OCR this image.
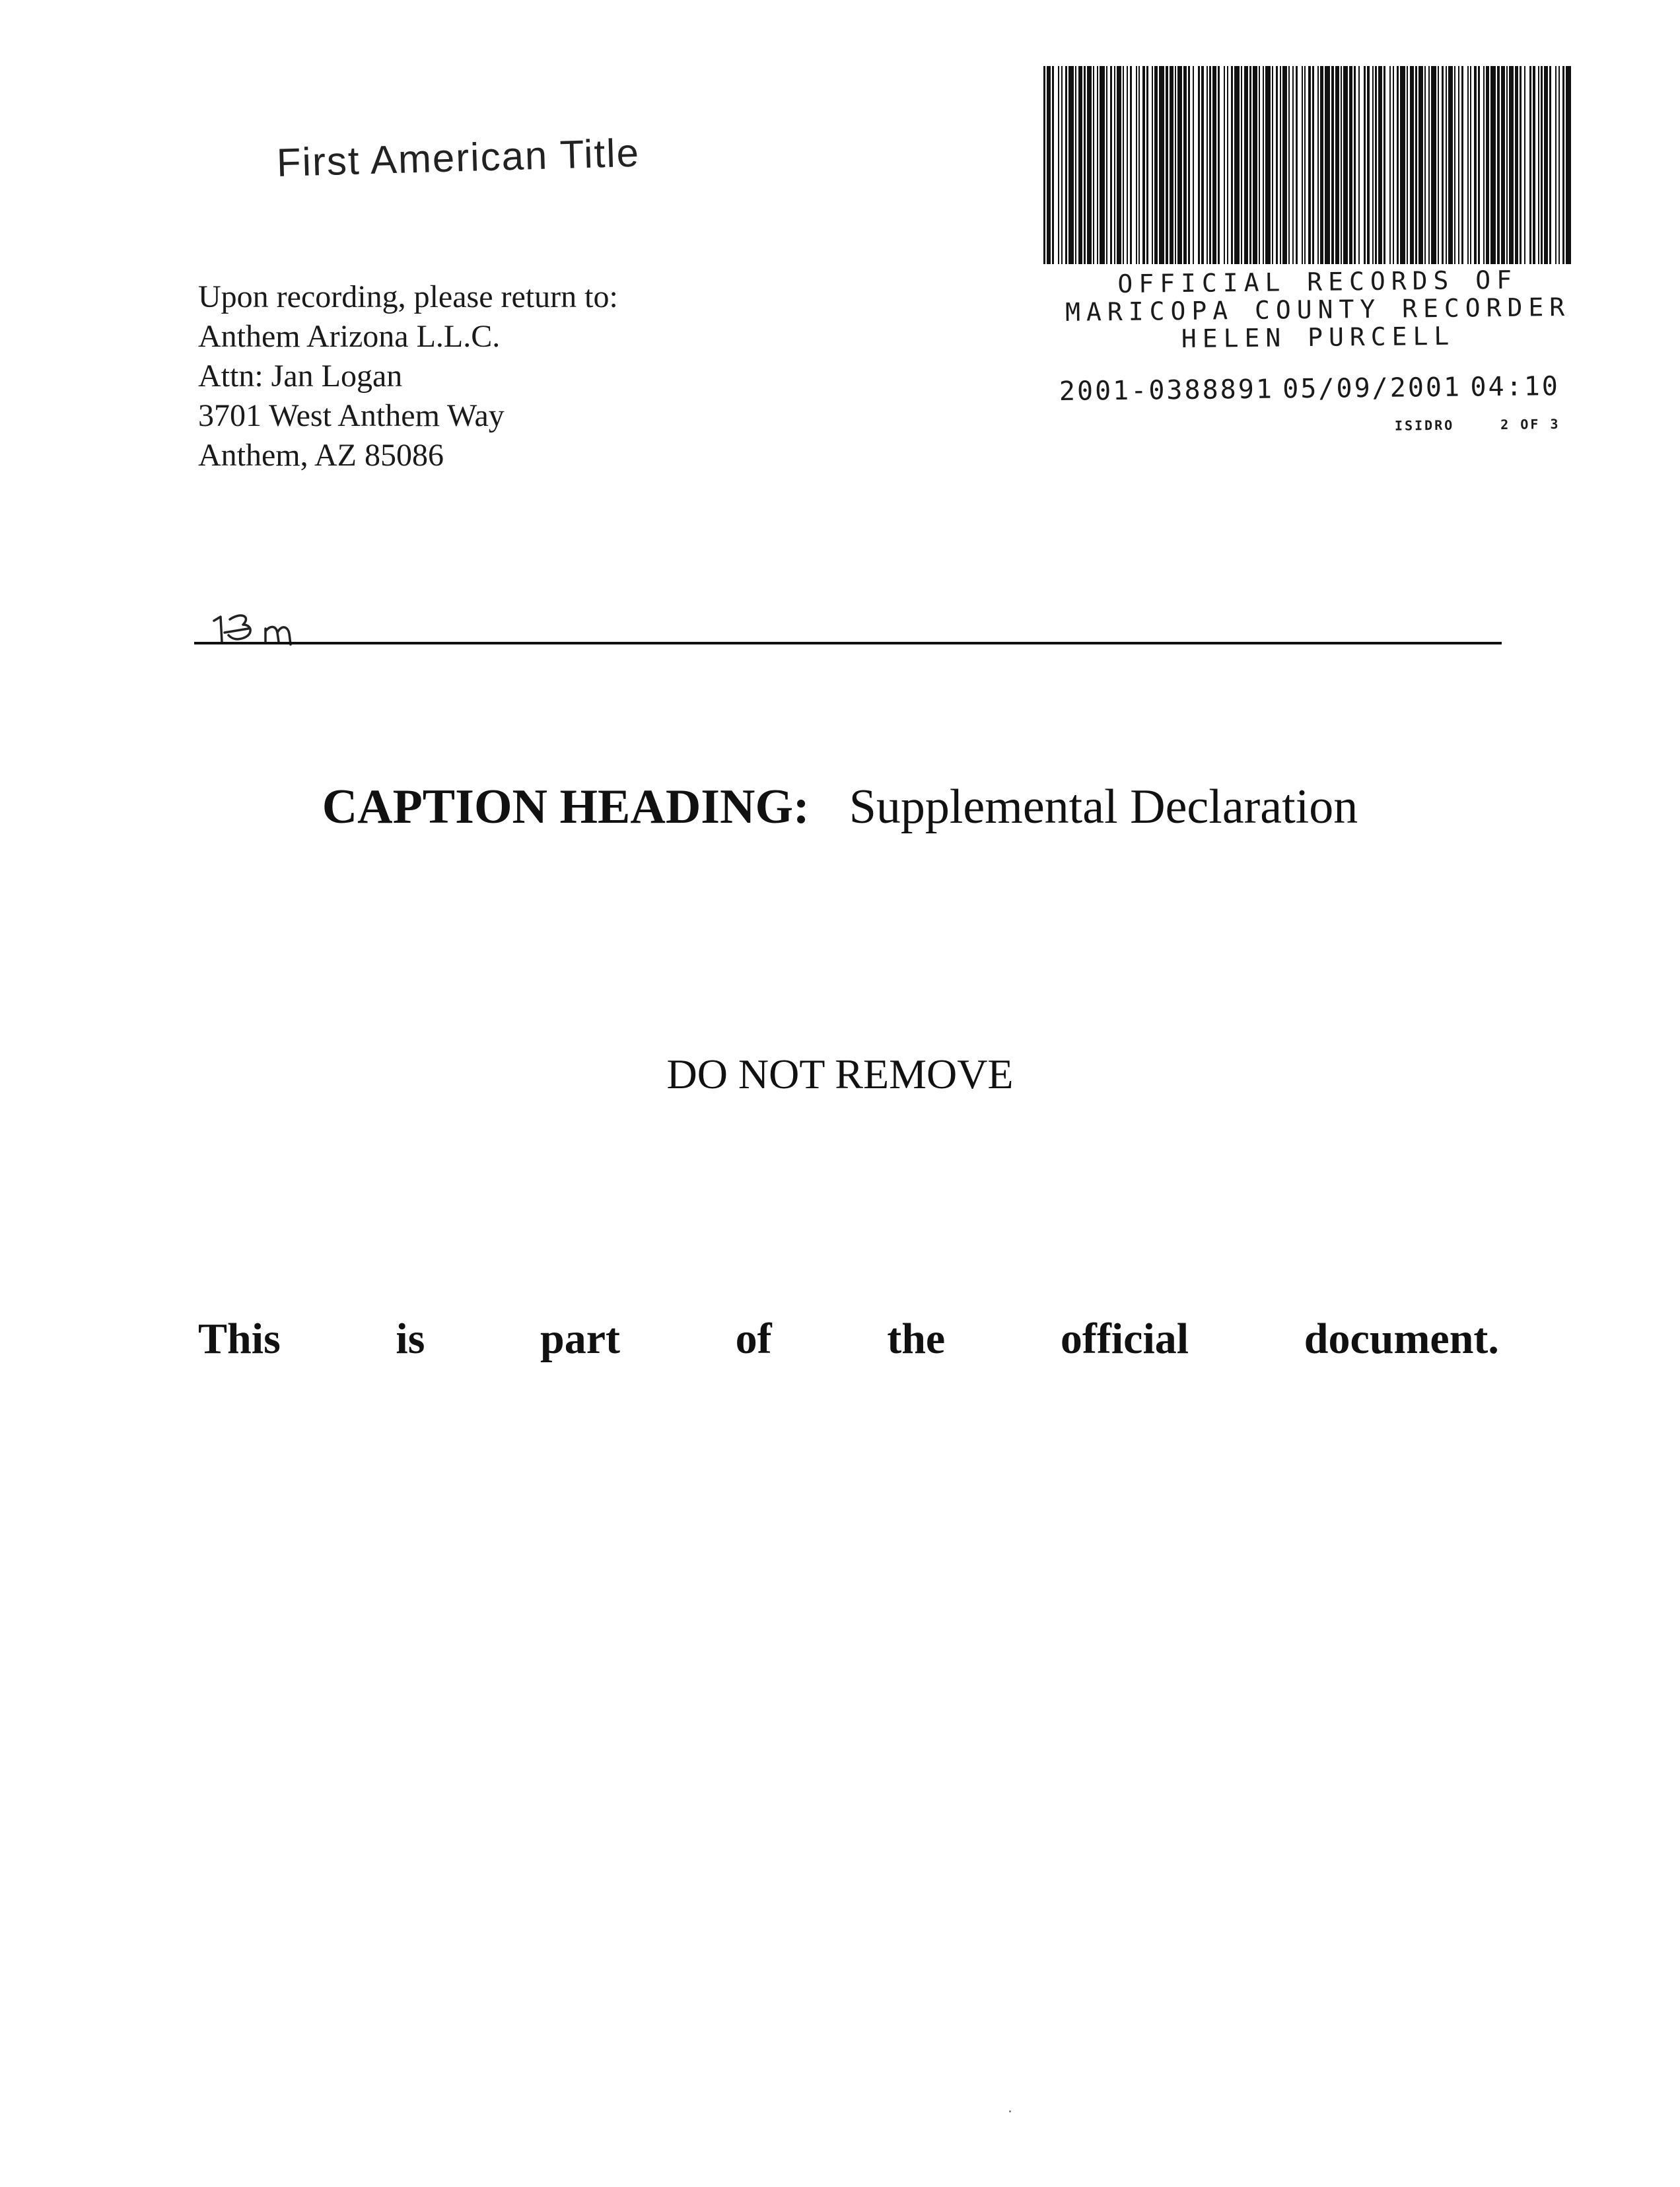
First American Title
Upon recording, please return to:
Anthem Arizona L.L.C.
Attn: Jan Logan
3701 West Anthem Way
Anthem, AZ 85086
OFFICIAL RECORDS OF
MARICOPA COUNTY RECORDER
HELEN PURCELL
2001-0388891 05/09/2001 04:10
ISIDRO	2 OF 3
CAPTION HEADING: Supplemental Declaration
DO NOT REMOVE
This	is	part	of	the	official	document.
